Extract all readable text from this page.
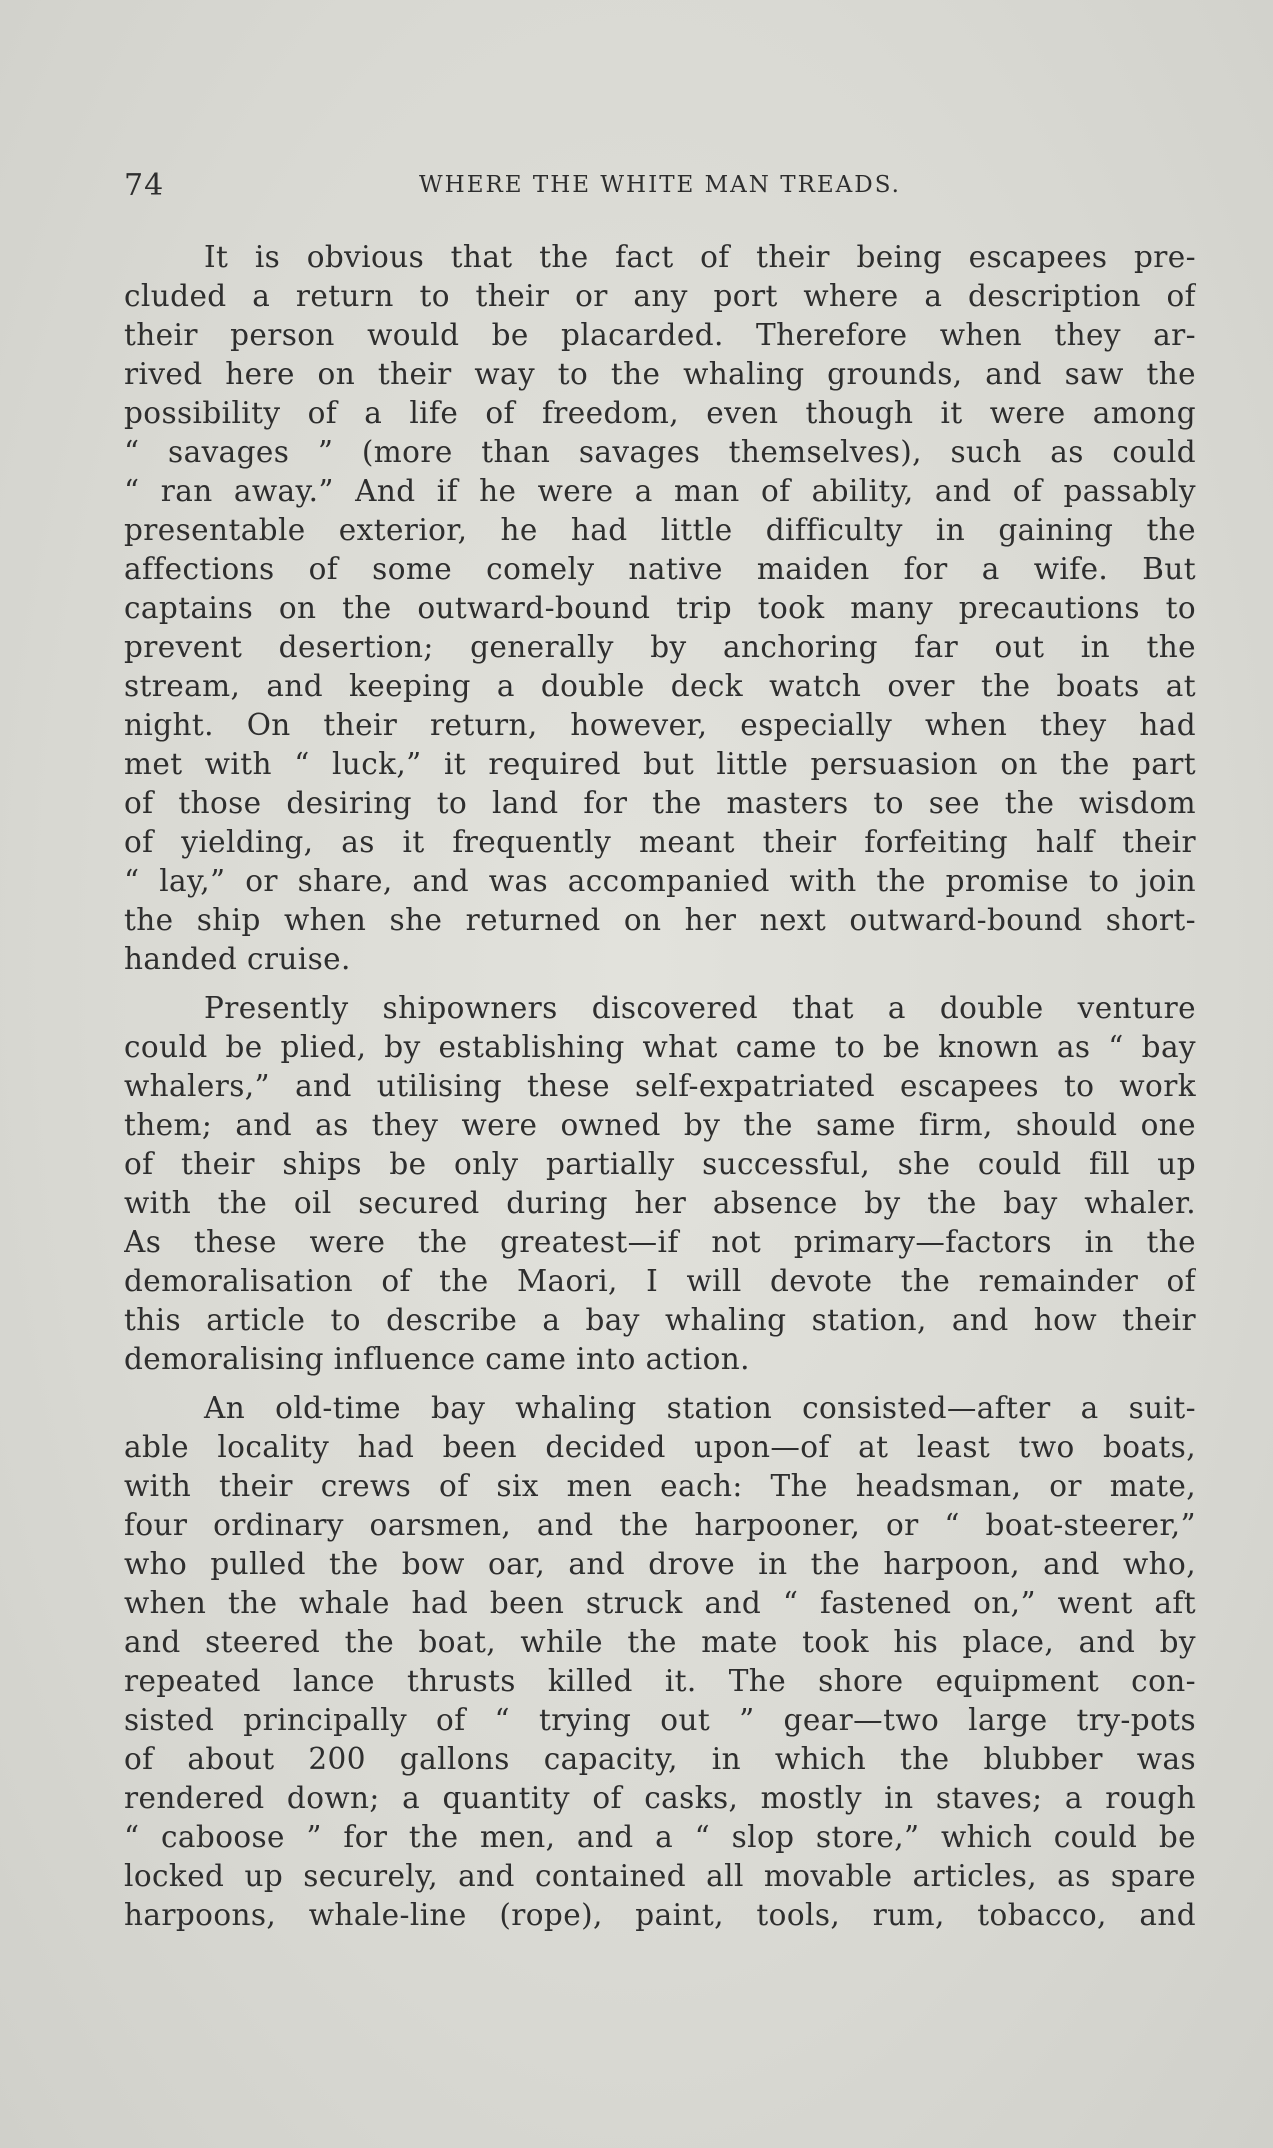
74	WHERE THE WHITE MAN TREADS.

It is obvious that the fact of their being escapees pre-
cluded a return to their or any port where a description of
their person would be placarded. Therefore when they ar-
rived here on their way to the whaling grounds, and saw the
possibility of a life of freedom, even though it were among
“ savages ” (more than savages themselves), such as could
“ ran away.” And if he were a man of ability, and of passably
presentable exterior, he had little difficulty in gaining the
affections of some comely native maiden for a wife. But
captains on the outward-bound trip took many precautions to
prevent desertion; generally by anchoring far out in the
stream, and keeping a double deck watch over the boats at
night. On their return, however, especially when they had
met with “ luck,” it required but little persuasion on the part
of those desiring to land for the masters to see the wisdom
of yielding, as it frequently meant their forfeiting half their
“ lay,” or share, and was accompanied with the promise to join
the ship when she returned on her next outward-bound short-
handed cruise.

Presently shipowners discovered that a double venture
could be plied, by establishing what came to be known as “ bay
whalers,” and utilising these self-expatriated escapees to work
them; and as they were owned by the same firm, should one
of their ships be only partially successful, she could fill up
with the oil secured during her absence by the bay whaler.
As these were the greatest—if not primary—factors in the
demoralisation of the Maori, I will devote the remainder of
this article to describe a bay whaling station, and how their
demoralising influence came into action.

An old-time bay whaling station consisted—after a suit-
able locality had been decided upon—of at least two boats,
with their crews of six men each: The headsman, or mate,
four ordinary oarsmen, and the harpooner, or “ boat-steerer,”
who pulled the bow oar, and drove in the harpoon, and who,
when the whale had been struck and “ fastened on,” went aft
and steered the boat, while the mate took his place, and by
repeated lance thrusts killed it. The shore equipment con-
sisted principally of “ trying out ” gear—two large try-pots
of about 200 gallons capacity, in which the blubber was
rendered down; a quantity of casks, mostly in staves; a rough
“ caboose ” for the men, and a “ slop store,” which could be
locked up securely, and contained all movable articles, as spare
harpoons, whale-line (rope), paint, tools, rum, tobacco, and
